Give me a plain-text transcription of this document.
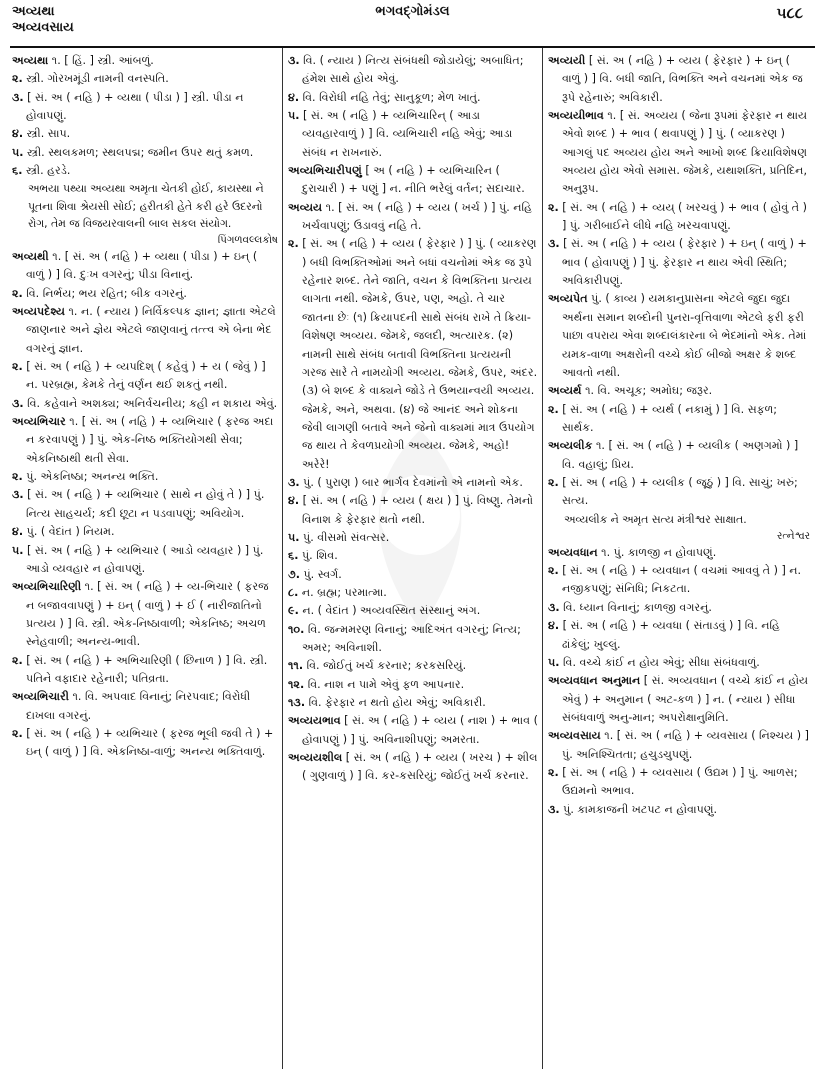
અવ્યથા
અવ્યવસાય
ભગવદ્ગોમંડલ	૫૮૮

અવ્યથા ૧. [ હિં. ] સ્ત્રી. આંબળું.

૨. સ્ત્રી. ગોરખમૂંડી નામની વનસ્પતિ.

૩. [ સં. અ ( નહિ ) + વ્યથા ( પીડા ) ] સ્ત્રી. પીડા ન હોવાપણું.

૪. સ્ત્રી. સાપ.

૫. સ્ત્રી. સ્થલકમળ; સ્થલપદ્મ; જમીન ઉપર થતું કમળ.

૬. સ્ત્રી. હરડે.

અભયા પથ્યા અવ્યથા અમૃતા ચેતકી હોઈ, કાયસ્થા ને પૂતના શિવા શ્રેયસી સોઈ; હરીતકી હેતે કરી હરે ઉદરનો રોગ, તેમ જ વિજયરવાલની બાલ સકલ સંયોગ.

પિંગળવલ્લકોષ

અવ્યથી ૧. [ સં. અ ( નહિ ) + વ્યથા ( પીડા ) + ઇન્ ( વાળું ) ] વિ. દુઃખ વગરનું; પીડા વિનાનું.

૨. વિ. નિર્ભય; ભય રહિત; બીક વગરનું.

અવ્યપદેશ્ય ૧. ન. ( ન્યાય ) નિર્વિકલ્પક જ્ઞાન; જ્ઞાતા એટલે જાણનાર અને જ્ઞેય એટલે જાણવાનું તત્ત્વ એ બેના ભેદ વગરનું જ્ઞાન.

૨. [ સં. અ ( નહિ ) + વ્યપદિશ્ ( કહેવું ) + ય ( જેવું ) ] ન. પરબ્રહ્મ, કેમકે તેનું વર્ણન થઈ શકતું નથી.

૩. વિ. કહેવાને અશક્ય; અનિર્વચનીય; કહી ન શકાય એવું.

અવ્યભિચાર ૧. [ સં. અ ( નહિ ) + વ્યભિચાર ( ફરજ અદા ન કરવાપણું ) ] પું. એક-નિષ્ઠ ભક્તિયોગથી સેવા; એકનિષ્ઠાથી થતી સેવા.

૨. પું. એકનિષ્ઠા; અનન્ય ભક્તિ.

૩. [ સં. અ ( નહિ ) + વ્યભિચાર ( સાથે ન હોવું તે ) ] પું. નિત્ય સાહચર્ય; કદી છૂટા ન પડવાપણું; અવિયોગ.

૪. પું. ( વેદાંત ) નિયમ.

૫. [ સં. અ ( નહિ ) + વ્યભિચાર ( આડો વ્યવહાર ) ] પું. આડો વ્યવહાર ન હોવાપણું.

અવ્યભિચારિણી ૧. [ સં. અ ( નહિ ) + વ્ય-ભિચાર ( ફરજ ન બજાવવાપણું ) + ઇન્ ( વાળું ) + ઈ ( નારીજાતિનો પ્રત્યય ) ] વિ. સ્ત્રી. એક-નિષ્ઠાવાળી; એકનિષ્ઠ; અચળ સ્નેહવાળી; અનન્ય-ભાવી.

૨. [ સં. અ ( નહિ ) + અભિચારિણી ( છિનાળ ) ] વિ. સ્ત્રી. પતિને વફાદાર રહેનારી; પતિવ્રતા.

અવ્યભિચારી ૧. વિ. અપવાદ વિનાનું; નિરપવાદ; વિરોધી દાખલા વગરનું.

૨. [ સં. અ ( નહિ ) + વ્યભિચાર ( ફરજ ભૂલી જવી તે ) + ઇન્ ( વાળું ) ] વિ. એકનિષ્ઠા-વાળું; અનન્ય ભક્તિવાળું.

૩. વિ. ( ન્યાય ) નિત્ય સંબંધથી જોડાયેલું; અબાધિત; હંમેશ સાથે હોય એવું.

૪. વિ. વિરોધી નહિ તેવું; સાનુકૂળ; મેળ ખાતું.

૫. [ સં. અ ( નહિ ) + વ્યભિચારિન્ ( આડા વ્યવહારવાળું ) ] વિ. વ્યભિચારી નહિ એવું; આડા સંબંધ ન રાખનારું.

અવ્યભિચારીપણું [ અ ( નહિ ) + વ્યભિચારિન ( દુરાચારી ) + પણું ] ન. નીતિ ભરેલું વર્તન; સદાચાર.

અવ્યય ૧. [ સં. અ ( નહિ ) + વ્યય ( ખર્ચ ) ] પું. નહિ ખર્ચવાપણું; ઉડાવવું નહિ તે.

૨. [ સં. અ ( નહિ ) + વ્યય ( ફેરફાર ) ] પું. ( વ્યાકરણ ) બધી વિભક્તિઓમાં અને બધાં વચનોમાં એક જ રૂપે રહેનાર શબ્દ. તેને જાતિ, વચન કે વિભક્તિના પ્રત્યય લાગતા નથી. જેમકે, ઉપર, પણ, અહો. તે ચાર જાતના છેઃ (૧) ક્રિયાપદની સાથે સંબંધ રાખે તે ક્રિયા-વિશેષણ અવ્યય. જેમકે, જલદી, અત્યારક. (૨) નામની સાથે સંબંધ બતાવી વિભક્તિના પ્રત્યયની ગરજ સારે તે નામયોગી અવ્યય. જેમકે, ઉપર, અંદર. (૩) બે શબ્દ કે વાક્યને જોડે તે ઉભયાન્વયી અવ્યય. જેમકે, અને, અથવા. (૪) જે આનંદ અને શોકના જેવી લાગણી બતાવે અને જેનો વાક્યમાં માત્ર ઉપયોગ જ થાય તે કેવળપ્રયોગી અવ્યય. જેમકે, અહો! અરેરે!

૩. પું. ( પુરાણ ) બાર ભાર્ગવ દેવમાંનો એ નામનો એક.

૪. [ સં. અ ( નહિ ) + વ્યય ( ક્ષય ) ] પું. વિષ્ણુ. તેમનો વિનાશ કે ફેરફાર થતો નથી.

૫. પું. વીસમો સંવત્સર.

૬. પું. શિવ.

૭. પું. સ્વર્ગ.

૮. ન. બ્રહ્મ; પરમાત્મા.

૯. ન. ( વેદાંત ) અવ્યવસ્થિત સંસ્થાનું અંગ.

૧૦. વિ. જન્મમરણ વિનાનું; આદિઅંત વગરનું; નિત્ય; અમર; અવિનાશી.

૧૧. વિ. જોઈતું ખર્ચ કરનાર; કરકસરિયું.

૧૨. વિ. નાશ ન પામે એવું ફળ આપનાર.

૧૩. વિ. ફેરફાર ન થતો હોય એવું; અવિકારી.

અવ્યયભાવ [ સં. અ ( નહિ ) + વ્યય ( નાશ ) + ભાવ ( હોવાપણું ) ] પું. અવિનાશીપણું; અમરતા.

અવ્યયશીલ [ સં. અ ( નહિ ) + વ્યય ( ખરચ ) + શીલ ( ગુણવાળું ) ] વિ. કર-કસરિયું; જોઈતું ખર્ચ કરનાર.

અવ્યયી [ સં. અ ( નહિ ) + વ્યય ( ફેરફાર ) + ઇન્ ( વાળું ) ] વિ. બધી જાતિ, વિભક્તિ અને વચનમાં એક જ રૂપે રહેનારું; અવિકારી.

અવ્યયીભાવ ૧. [ સં. અવ્યય ( જેના રૂપમાં ફેરફાર ન થાય એવો શબ્દ ) + ભાવ ( થવાપણું ) ] પું. ( વ્યાકરણ ) આગલું પદ અવ્યય હોય અને આખો શબ્દ ક્રિયાવિશેષણ અવ્યય હોય એવો સમાસ. જેમકે, યથાશક્તિ, પ્રતિદિન, અનુરૂપ.

૨. [ સં. અ ( નહિ ) + વ્યય્ ( ખરચવું ) + ભાવ ( હોવું તે ) ] પું. ગરીબાઈને લીધે નહિ ખરચવાપણું.

૩. [ સં. અ ( નહિ ) + વ્યય ( ફેરફાર ) + ઇન્ ( વાળું ) + ભાવ ( હોવાપણું ) ] પું. ફેરફાર ન થાય એવી સ્થિતિ; અવિકારીપણું.

અવ્યપેત પું. ( કાવ્ય ) યમકાનુપ્રાસના એટલે જુદા જુદા અર્થના સમાન શબ્દોની પુનરા-વૃત્તિવાળા એટલે ફરી ફરી પાછા વપરાય એવા શબ્દાલંકારના બે ભેદમાંનો એક. તેમાં યમક-વાળા અક્ષરોની વચ્ચે કોઈ બીજો અક્ષર કે શબ્દ આવતો નથી.

અવ્યર્થ ૧. વિ. અચૂક; અમોઘ; જરૂર.

૨. [ સં. અ ( નહિ ) + વ્યર્થ ( નકામું ) ] વિ. સફળ; સાર્થક.

અવ્યલીક ૧. [ સં. અ ( નહિ ) + વ્યલીક ( અણગમો ) ] વિ. વહાલું; પ્રિય.

૨. [ સં. અ ( નહિ ) + વ્યલીક ( જૂઠું ) ] વિ. સાચું; ખરું; સત્ય.

અવ્યલીક ને અમૃત સત્ય મંત્રીશ્વર સાક્ષાત.

રત્નેશ્વર

અવ્યવધાન ૧. પું. કાળજી ન હોવાપણું.

૨. [ સં. અ ( નહિ ) + વ્યવધાન ( વચમાં આવવું તે ) ] ન. નજીકપણું; સંનિધિ; નિકટતા.

૩. વિ. ધ્યાન વિનાનું; કાળજી વગરનું.

૪. [ સં. અ ( નહિ ) + વ્યવધા ( સંતાડવું ) ] વિ. નહિ ઢાંકેલું; ખુલ્લું.

૫. વિ. વચ્ચે કાંઈ ન હોય એવું; સીધા સંબંધવાળું.

અવ્યવધાન અનુમાન [ સં. અવ્યવધાન ( વચ્ચે કાંઈ ન હોય એવું ) + અનુમાન ( અટ-કળ ) ] ન. ( ન્યાય ) સીધા સંબંધવાળું અનુ-માન; અપરોક્ષાનુમિતિ.

અવ્યવસાય ૧. [ સં. અ ( નહિ ) + વ્યવસાય ( નિશ્ચય ) ] પું. અનિશ્ચિતતા; હચુડચુપણું.

૨. [ સં. અ ( નહિ ) + વ્યવસાય ( ઉદ્યમ ) ] પું. આળસ; ઉદ્યમનો અભાવ.

૩. પું. કામકાજની ખટપટ ન હોવાપણું.
